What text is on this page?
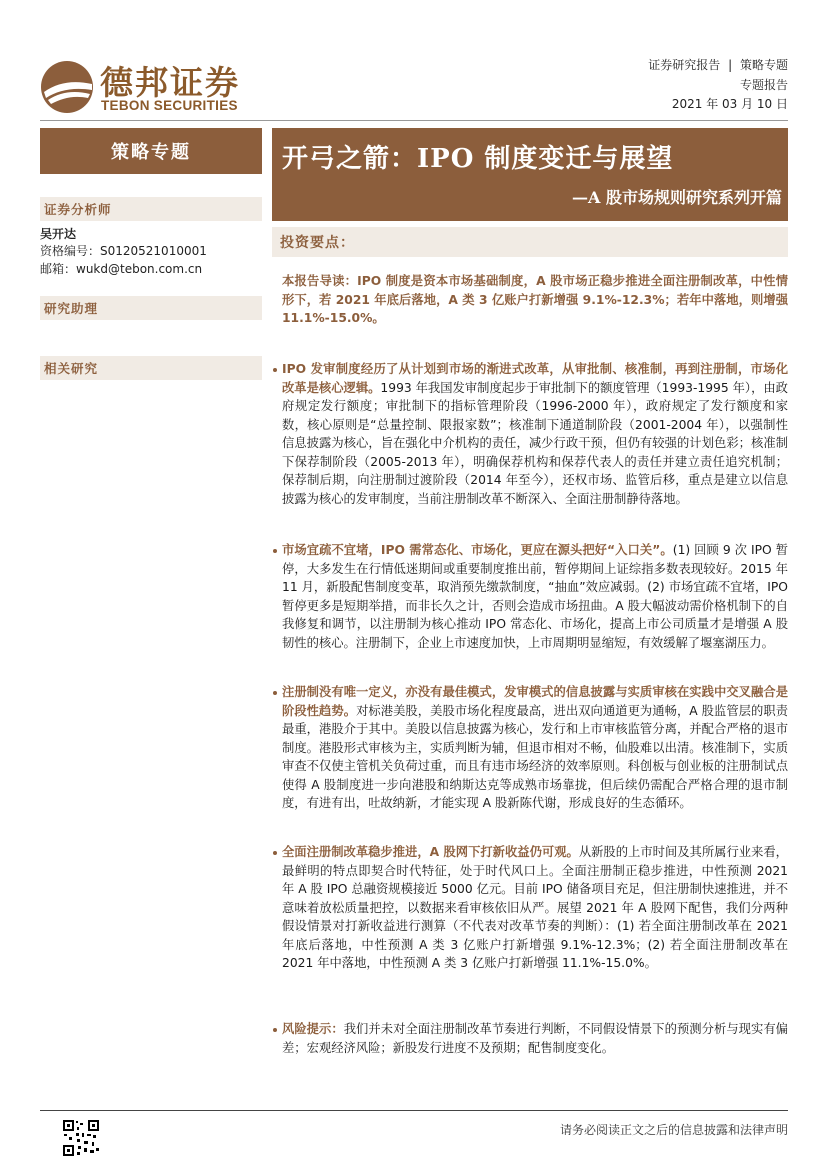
德邦证券
TEBON SECURITIES
证券研究报告 | 策略专题
专题报告
2021 年 03 月 10 日
策略专题
证券分析师
吴开达
资格编号：S0120521010001
邮箱：wukd@tebon.com.cn
研究助理
相关研究
开弓之箭：IPO 制度变迁与展望
—A 股市场规则研究系列开篇
投资要点：
本报告导读：IPO 制度是资本市场基础制度，A 股市场正稳步推进全面注册制改革，中性情形下，若 2021 年底后落地，A 类 3 亿账户打新增强 9.1%-12.3%；若年中落地，则增强 11.1%-15.0%。
IPO 发审制度经历了从计划到市场的渐进式改革，从审批制、核准制，再到注册制，市场化改革是核心逻辑。1993 年我国发审制度起步于审批制下的额度管理（1993-1995 年），由政府规定发行额度；审批制下的指标管理阶段（1996-2000 年），政府规定了发行额度和家数，核心原则是“总量控制、限报家数”；核准制下通道制阶段（2001-2004 年），以强制性信息披露为核心，旨在强化中介机构的责任，减少行政干预，但仍有较强的计划色彩；核准制下保荐制阶段（2005-2013 年），明确保荐机构和保荐代表人的责任并建立责任追究机制；保荐制后期，向注册制过渡阶段（2014 年至今），还权市场、监管后移，重点是建立以信息披露为核心的发审制度，当前注册制改革不断深入、全面注册制静待落地。
市场宜疏不宜堵，IPO 需常态化、市场化，更应在源头把好“入口关”。(1) 回顾 9 次 IPO 暂停，大多发生在行情低迷期间或重要制度推出前，暂停期间上证综指多数表现较好。2015 年 11 月，新股配售制度变革，取消预先缴款制度，“抽血”效应减弱。(2) 市场宜疏不宜堵，IPO 暂停更多是短期举措，而非长久之计，否则会造成市场扭曲。A 股大幅波动需价格机制下的自我修复和调节，以注册制为核心推动 IPO 常态化、市场化，提高上市公司质量才是增强 A 股韧性的核心。注册制下，企业上市速度加快，上市周期明显缩短，有效缓解了堰塞湖压力。
注册制没有唯一定义，亦没有最佳模式，发审模式的信息披露与实质审核在实践中交叉融合是阶段性趋势。对标港美股，美股市场化程度最高，进出双向通道更为通畅，A 股监管层的职责最重，港股介于其中。美股以信息披露为核心，发行和上市审核监管分离，并配合严格的退市制度。港股形式审核为主，实质判断为辅，但退市相对不畅，仙股难以出清。核准制下，实质审查不仅使主管机关负荷过重，而且有违市场经济的效率原则。科创板与创业板的注册制试点使得 A 股制度进一步向港股和纳斯达克等成熟市场靠拢，但后续仍需配合严格合理的退市制度，有进有出，吐故纳新，才能实现 A 股新陈代谢，形成良好的生态循环。
全面注册制改革稳步推进，A 股网下打新收益仍可观。从新股的上市时间及其所属行业来看，最鲜明的特点即契合时代特征，处于时代风口上。全面注册制正稳步推进，中性预测 2021 年 A 股 IPO 总融资规模接近 5000 亿元。目前 IPO 储备项目充足，但注册制快速推进，并不意味着放松质量把控，以数据来看审核依旧从严。展望 2021 年 A 股网下配售，我们分两种假设情景对打新收益进行测算（不代表对改革节奏的判断）：(1) 若全面注册制改革在 2021 年底后落地，中性预测 A 类 3 亿账户打新增强 9.1%-12.3%；(2) 若全面注册制改革在 2021 年中落地，中性预测 A 类 3 亿账户打新增强 11.1%-15.0%。
风险提示：我们并未对全面注册制改革节奏进行判断，不同假设情景下的预测分析与现实有偏差；宏观经济风险；新股发行进度不及预期；配售制度变化。
请务必阅读正文之后的信息披露和法律声明
